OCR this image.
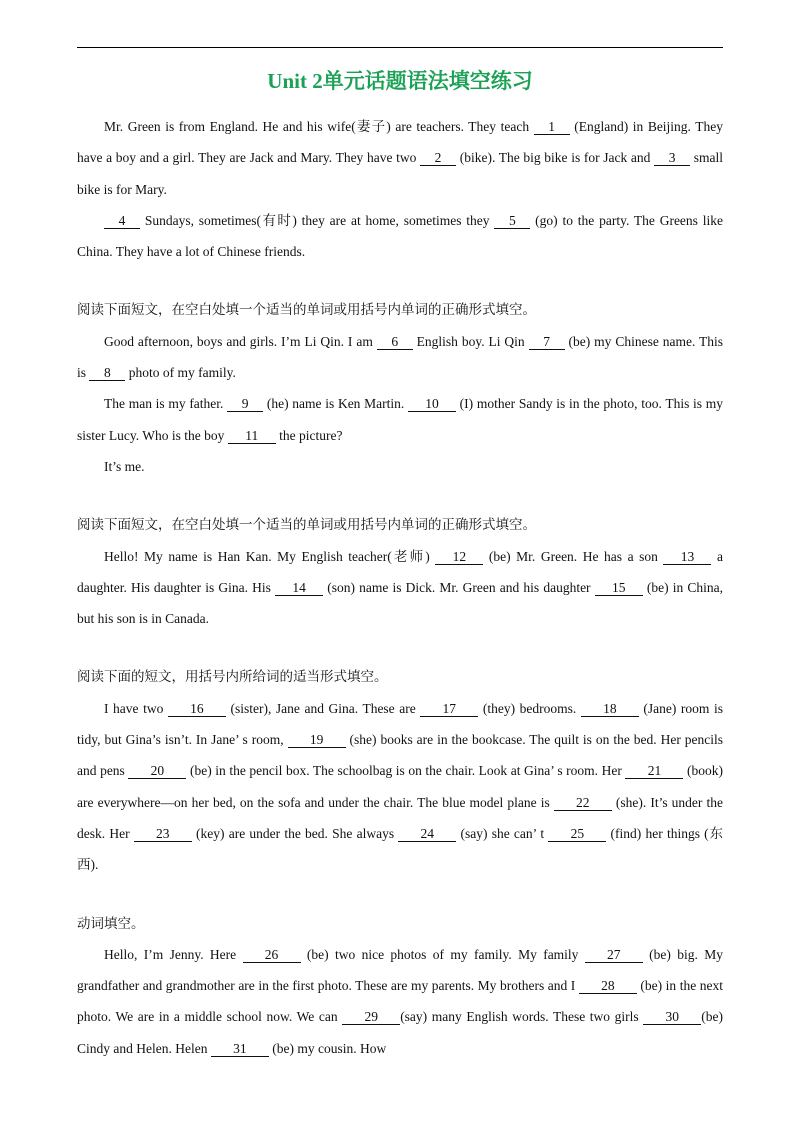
Unit 2单元话题语法填空练习

Mr. Green is from England. He and his wife(妻子) are teachers. They teach 1 (England) in Beijing. They have a boy and a girl. They are Jack and Mary. They have two 2 (bike). The big bike is for Jack and 3 small bike is for Mary.

4 Sundays, sometimes(有时) they are at home, sometimes they 5 (go) to the party. The Greens like China. They have a lot of Chinese friends.

阅读下面短文，在空白处填一个适当的单词或用括号内单词的正确形式填空。

Good afternoon, boys and girls. I’m Li Qin. I am 6 English boy. Li Qin 7 (be) my Chinese name. This is 8 photo of my family.

The man is my father. 9 (he) name is Ken Martin. 10 (I) mother Sandy is in the photo, too. This is my sister Lucy. Who is the boy 11 the picture?

It’s me.

阅读下面短文，在空白处填一个适当的单词或用括号内单词的正确形式填空。

Hello! My name is Han Kan. My English teacher(老师) 12 (be) Mr. Green. He has a son 13 a daughter. His daughter is Gina. His 14 (son) name is Dick. Mr. Green and his daughter 15 (be) in China, but his son is in Canada.

阅读下面的短文，用括号内所给词的适当形式填空。

I have two 16 (sister), Jane and Gina. These are 17 (they) bedrooms. 18 (Jane) room is tidy, but Gina’s isn’t. In Jane’ s room, 19 (she) books are in the bookcase. The quilt is on the bed. Her pencils and pens 20 (be) in the pencil box. The schoolbag is on the chair. Look at Gina’ s room. Her 21 (book) are everywhere—on her bed, on the sofa and under the chair. The blue model plane is 22 (she). It’s under the desk. Her 23 (key) are under the bed. She always 24 (say) she can’ t 25 (find) her things (东西).

动词填空。

Hello, I’m Jenny. Here 26 (be) two nice photos of my family. My family 27 (be) big. My grandfather and grandmother are in the first photo. These are my parents. My brothers and I 28 (be) in the next photo. We are in a middle school now. We can 29 (say) many English words. These two girls 30 (be) Cindy and Helen. Helen 31 (be) my cousin. How
